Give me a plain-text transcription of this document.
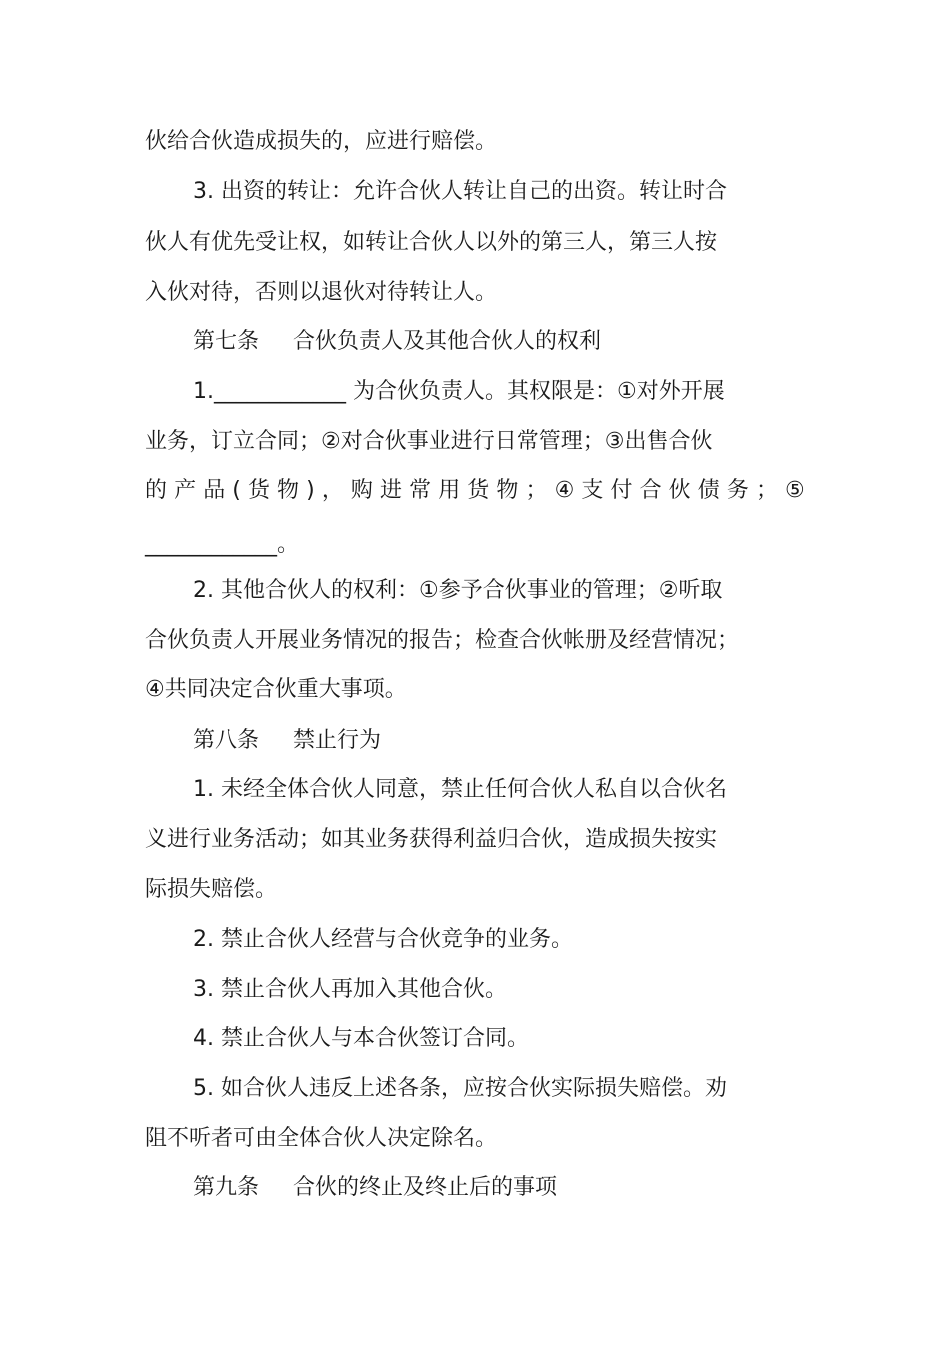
伙给合伙造成损失的，应进行赔偿。
3. 出资的转让：允许合伙人转让自己的出资。转让时合
伙人有优先受让权，如转让合伙人以外的第三人，第三人按
入伙对待，否则以退伙对待转让人。
第七条 合伙负责人及其他合伙人的权利
1.____________ 为合伙负责人。其权限是：①对外开展
业务，订立合同；②对合伙事业进行日常管理；③出售合伙
的 产 品 ( 货 物 ) ， 购 进 常 用 货 物 ； ④ 支 付 合 伙 债 务 ； ⑤
____________。
2. 其他合伙人的权利：①参予合伙事业的管理；②听取
合伙负责人开展业务情况的报告；检查合伙帐册及经营情况；
④共同决定合伙重大事项。
第八条 禁止行为
1. 未经全体合伙人同意，禁止任何合伙人私自以合伙名
义进行业务活动；如其业务获得利益归合伙，造成损失按实
际损失赔偿。
2. 禁止合伙人经营与合伙竞争的业务。
3. 禁止合伙人再加入其他合伙。
4. 禁止合伙人与本合伙签订合同。
5. 如合伙人违反上述各条，应按合伙实际损失赔偿。劝
阻不听者可由全体合伙人决定除名。
第九条 合伙的终止及终止后的事项
